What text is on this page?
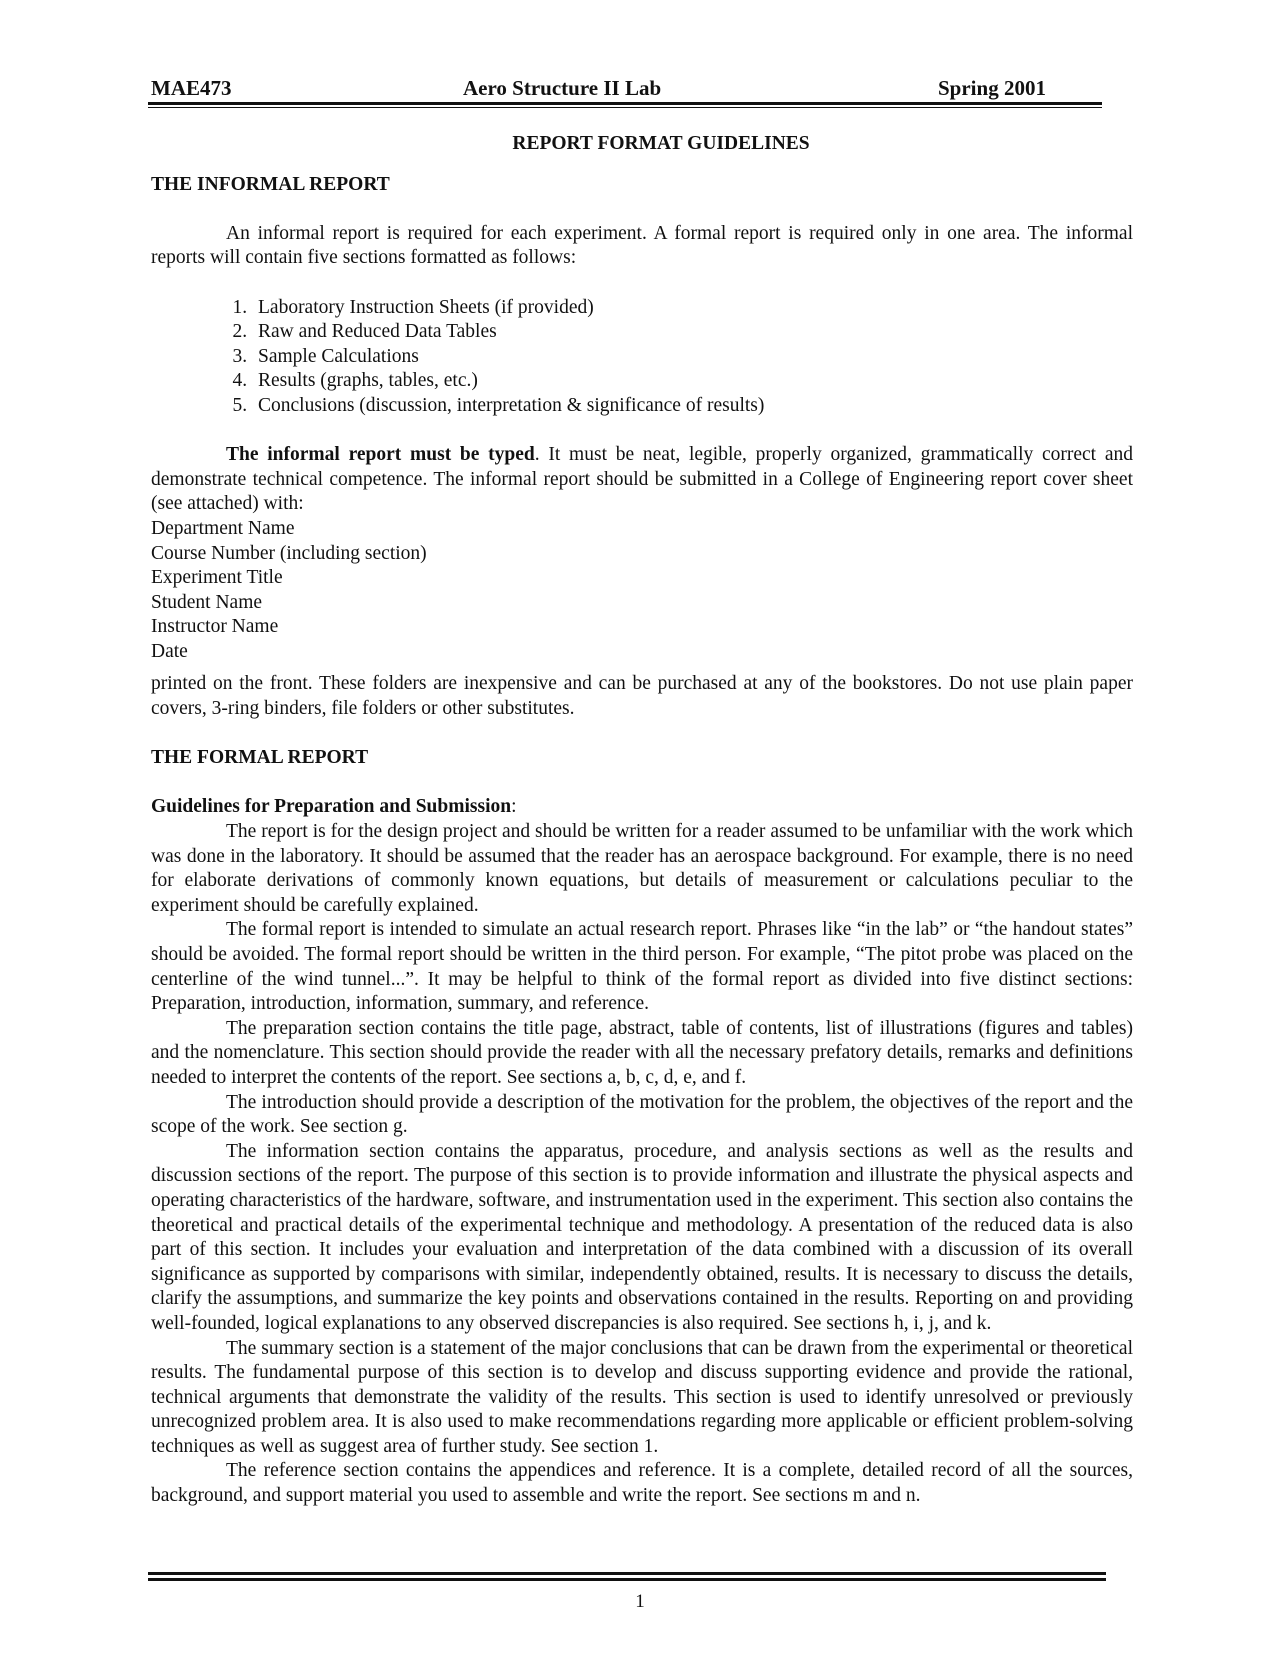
MAE473	Aero Structure II Lab	Spring 2001

REPORT FORMAT GUIDELINES

THE INFORMAL REPORT

An informal report is required for each experiment. A formal report is required only in one area. The informal reports will contain five sections formatted as follows:

1. Laboratory Instruction Sheets (if provided)
2. Raw and Reduced Data Tables
3. Sample Calculations
4. Results (graphs, tables, etc.)
5. Conclusions (discussion, interpretation & significance of results)

The informal report must be typed. It must be neat, legible, properly organized, grammatically correct and demonstrate technical competence. The informal report should be submitted in a College of Engineering report cover sheet (see attached) with:

Department Name

Course Number (including section)

Experiment Title

Student Name

Instructor Name

Date

printed on the front. These folders are inexpensive and can be purchased at any of the bookstores. Do not use plain paper covers, 3-ring binders, file folders or other substitutes.

THE FORMAL REPORT

Guidelines for Preparation and Submission:

The report is for the design project and should be written for a reader assumed to be unfamiliar with the work which was done in the laboratory. It should be assumed that the reader has an aerospace background. For example, there is no need for elaborate derivations of commonly known equations, but details of measurement or calculations peculiar to the experiment should be carefully explained.

The formal report is intended to simulate an actual research report. Phrases like “in the lab” or “the handout states” should be avoided. The formal report should be written in the third person. For example, “The pitot probe was placed on the centerline of the wind tunnel...”. It may be helpful to think of the formal report as divided into five distinct sections: Preparation, introduction, information, summary, and reference.

The preparation section contains the title page, abstract, table of contents, list of illustrations (figures and tables) and the nomenclature. This section should provide the reader with all the necessary prefatory details, remarks and definitions needed to interpret the contents of the report. See sections a, b, c, d, e, and f.

The introduction should provide a description of the motivation for the problem, the objectives of the report and the scope of the work. See section g.

The information section contains the apparatus, procedure, and analysis sections as well as the results and discussion sections of the report. The purpose of this section is to provide information and illustrate the physical aspects and operating characteristics of the hardware, software, and instrumentation used in the experiment. This section also contains the theoretical and practical details of the experimental technique and methodology. A presentation of the reduced data is also part of this section. It includes your evaluation and interpretation of the data combined with a discussion of its overall significance as supported by comparisons with similar, independently obtained, results. It is necessary to discuss the details, clarify the assumptions, and summarize the key points and observations contained in the results. Reporting on and providing well-founded, logical explanations to any observed discrepancies is also required. See sections h, i, j, and k.

The summary section is a statement of the major conclusions that can be drawn from the experimental or theoretical results. The fundamental purpose of this section is to develop and discuss supporting evidence and provide the rational, technical arguments that demonstrate the validity of the results. This section is used to identify unresolved or previously unrecognized problem area. It is also used to make recommendations regarding more applicable or efficient problem-solving techniques as well as suggest area of further study. See section 1.

The reference section contains the appendices and reference. It is a complete, detailed record of all the sources, background, and support material you used to assemble and write the report. See sections m and n.

1
